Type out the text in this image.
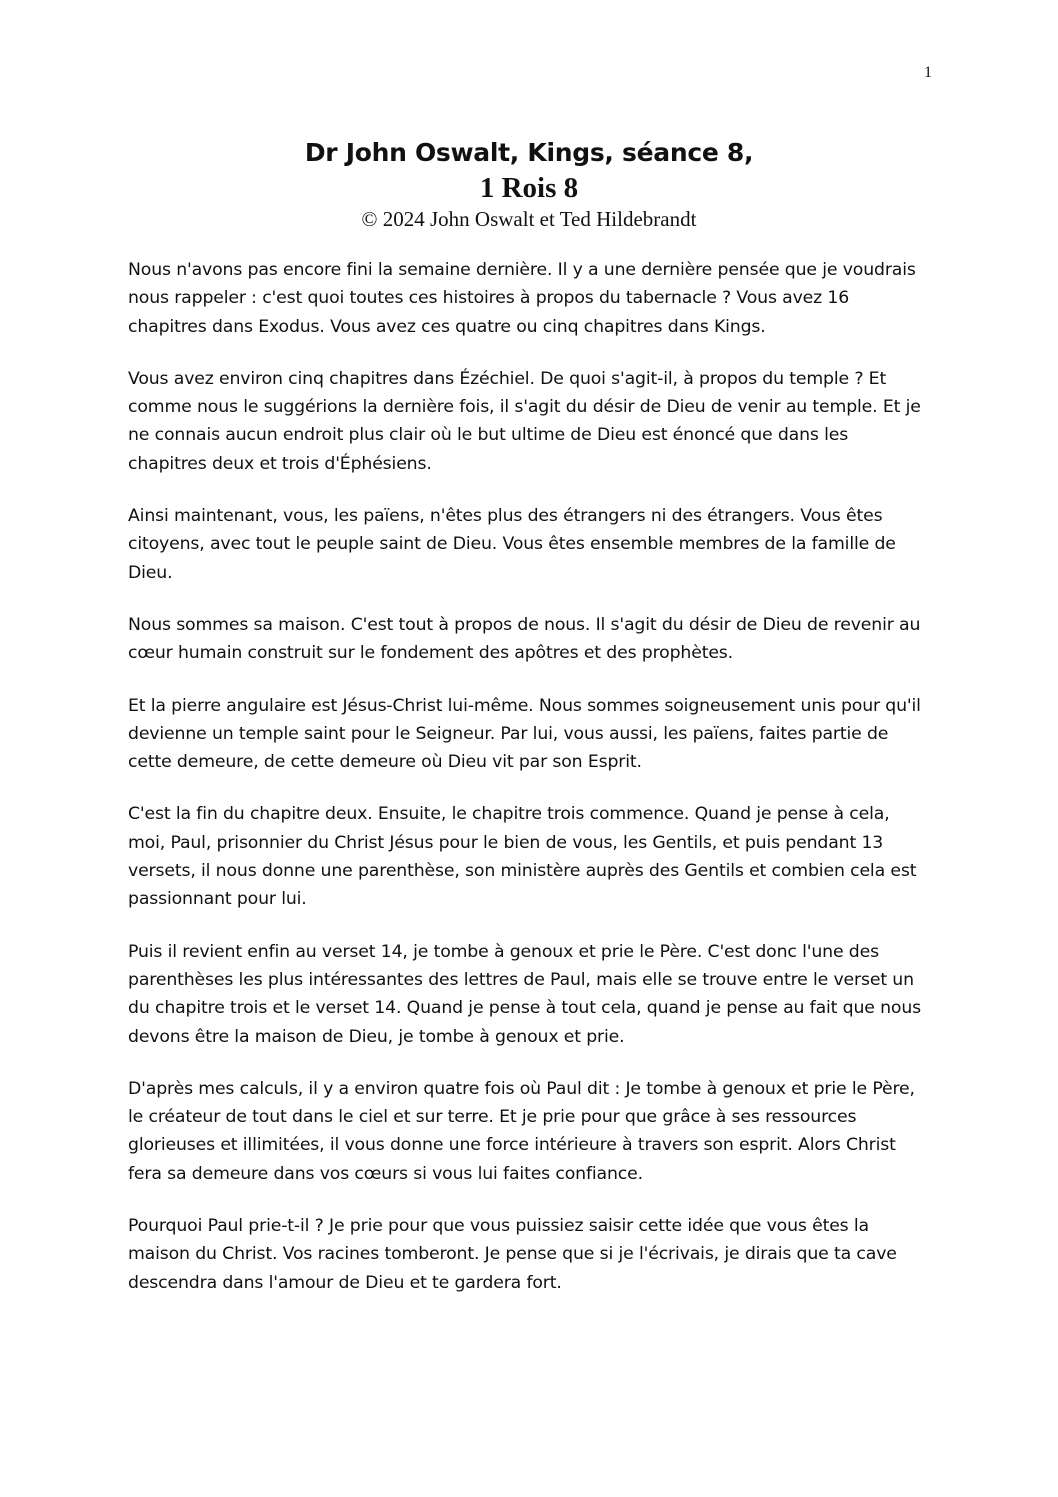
1
Dr John Oswalt, Kings, séance 8,
1 Rois 8
© 2024 John Oswalt et Ted Hildebrandt

Nous n'avons pas encore fini la semaine dernière. Il y a une dernière pensée que je voudrais nous rappeler : c'est quoi toutes ces histoires à propos du tabernacle ? Vous avez 16 chapitres dans Exodus. Vous avez ces quatre ou cinq chapitres dans Kings.

Vous avez environ cinq chapitres dans Ézéchiel. De quoi s'agit-il, à propos du temple ? Et comme nous le suggérions la dernière fois, il s'agit du désir de Dieu de venir au temple. Et je ne connais aucun endroit plus clair où le but ultime de Dieu est énoncé que dans les chapitres deux et trois d'Éphésiens.

Ainsi maintenant, vous, les païens, n'êtes plus des étrangers ni des étrangers. Vous êtes citoyens, avec tout le peuple saint de Dieu. Vous êtes ensemble membres de la famille de Dieu.

Nous sommes sa maison. C'est tout à propos de nous. Il s'agit du désir de Dieu de revenir au cœur humain construit sur le fondement des apôtres et des prophètes.

Et la pierre angulaire est Jésus-Christ lui-même. Nous sommes soigneusement unis pour qu'il devienne un temple saint pour le Seigneur. Par lui, vous aussi, les païens, faites partie de cette demeure, de cette demeure où Dieu vit par son Esprit.

C'est la fin du chapitre deux. Ensuite, le chapitre trois commence. Quand je pense à cela, moi, Paul, prisonnier du Christ Jésus pour le bien de vous, les Gentils, et puis pendant 13 versets, il nous donne une parenthèse, son ministère auprès des Gentils et combien cela est passionnant pour lui.

Puis il revient enfin au verset 14, je tombe à genoux et prie le Père. C'est donc l'une des parenthèses les plus intéressantes des lettres de Paul, mais elle se trouve entre le verset un du chapitre trois et le verset 14. Quand je pense à tout cela, quand je pense au fait que nous devons être la maison de Dieu, je tombe à genoux et prie.

D'après mes calculs, il y a environ quatre fois où Paul dit : Je tombe à genoux et prie le Père, le créateur de tout dans le ciel et sur terre. Et je prie pour que grâce à ses ressources glorieuses et illimitées, il vous donne une force intérieure à travers son esprit. Alors Christ fera sa demeure dans vos cœurs si vous lui faites confiance.

Pourquoi Paul prie-t-il ? Je prie pour que vous puissiez saisir cette idée que vous êtes la maison du Christ. Vos racines tomberont. Je pense que si je l'écrivais, je dirais que ta cave descendra dans l'amour de Dieu et te gardera fort.
